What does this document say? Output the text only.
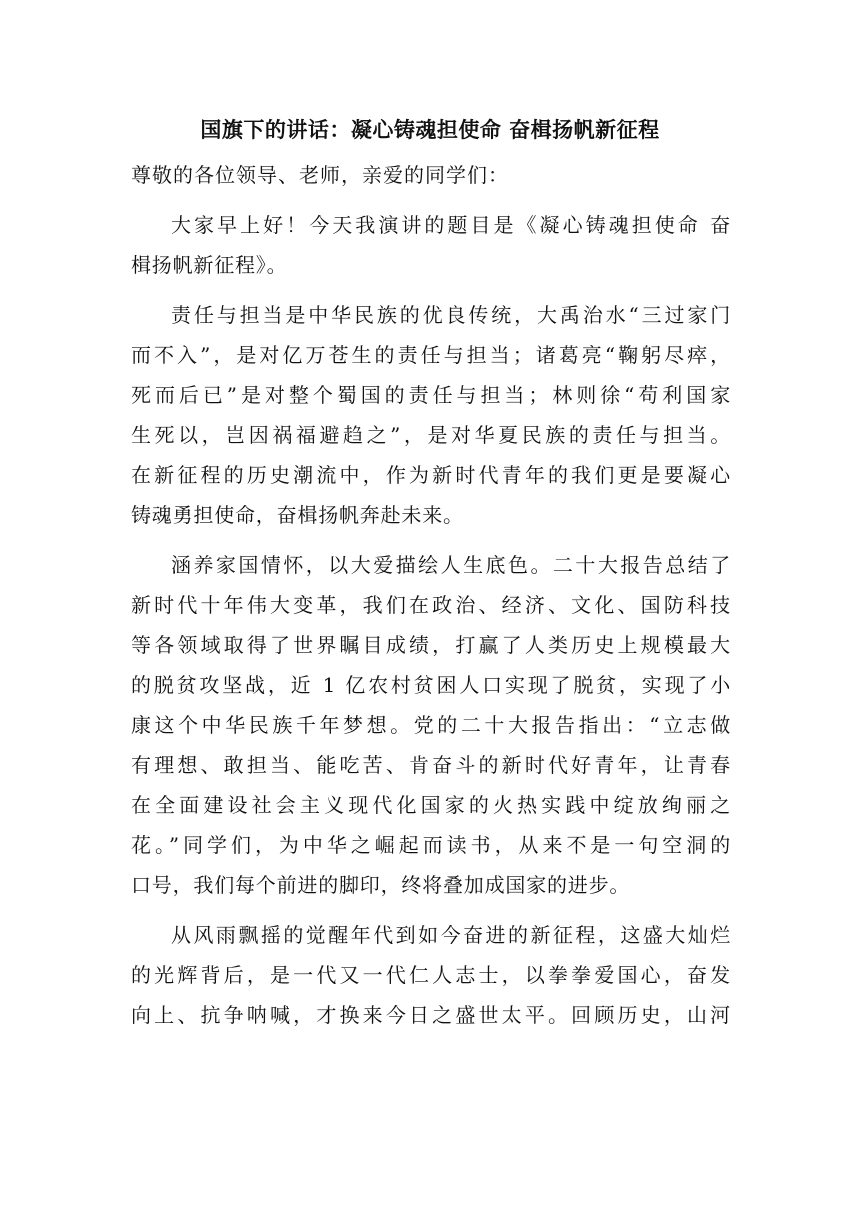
国旗下的讲话：凝心铸魂担使命 奋楫扬帆新征程
尊敬的各位领导、老师，亲爱的同学们：

大家早上好！今天我演讲的题目是《凝心铸魂担使命 奋
楫扬帆新征程》。

责任与担当是中华民族的优良传统，大禹治水“三过家门
而不入”，是对亿万苍生的责任与担当；诸葛亮“鞠躬尽瘁，
死而后已”是对整个蜀国的责任与担当；林则徐“苟利国家
生死以，岂因祸福避趋之”，是对华夏民族的责任与担当。
在新征程的历史潮流中，作为新时代青年的我们更是要凝心
铸魂勇担使命，奋楫扬帆奔赴未来。

涵养家国情怀，以大爱描绘人生底色。二十大报告总结了
新时代十年伟大变革，我们在政治、经济、文化、国防科技
等各领域取得了世界瞩目成绩，打赢了人类历史上规模最大
的脱贫攻坚战，近 1 亿农村贫困人口实现了脱贫，实现了小
康这个中华民族千年梦想。党的二十大报告指出：“立志做
有理想、敢担当、能吃苦、肯奋斗的新时代好青年，让青春
在全面建设社会主义现代化国家的火热实践中绽放绚丽之
花。”同学们，为中华之崛起而读书，从来不是一句空洞的
口号，我们每个前进的脚印，终将叠加成国家的进步。

从风雨飘摇的觉醒年代到如今奋进的新征程，这盛大灿烂
的光辉背后，是一代又一代仁人志士，以拳拳爱国心，奋发
向上、抗争呐喊，才换来今日之盛世太平。回顾历史，山河
